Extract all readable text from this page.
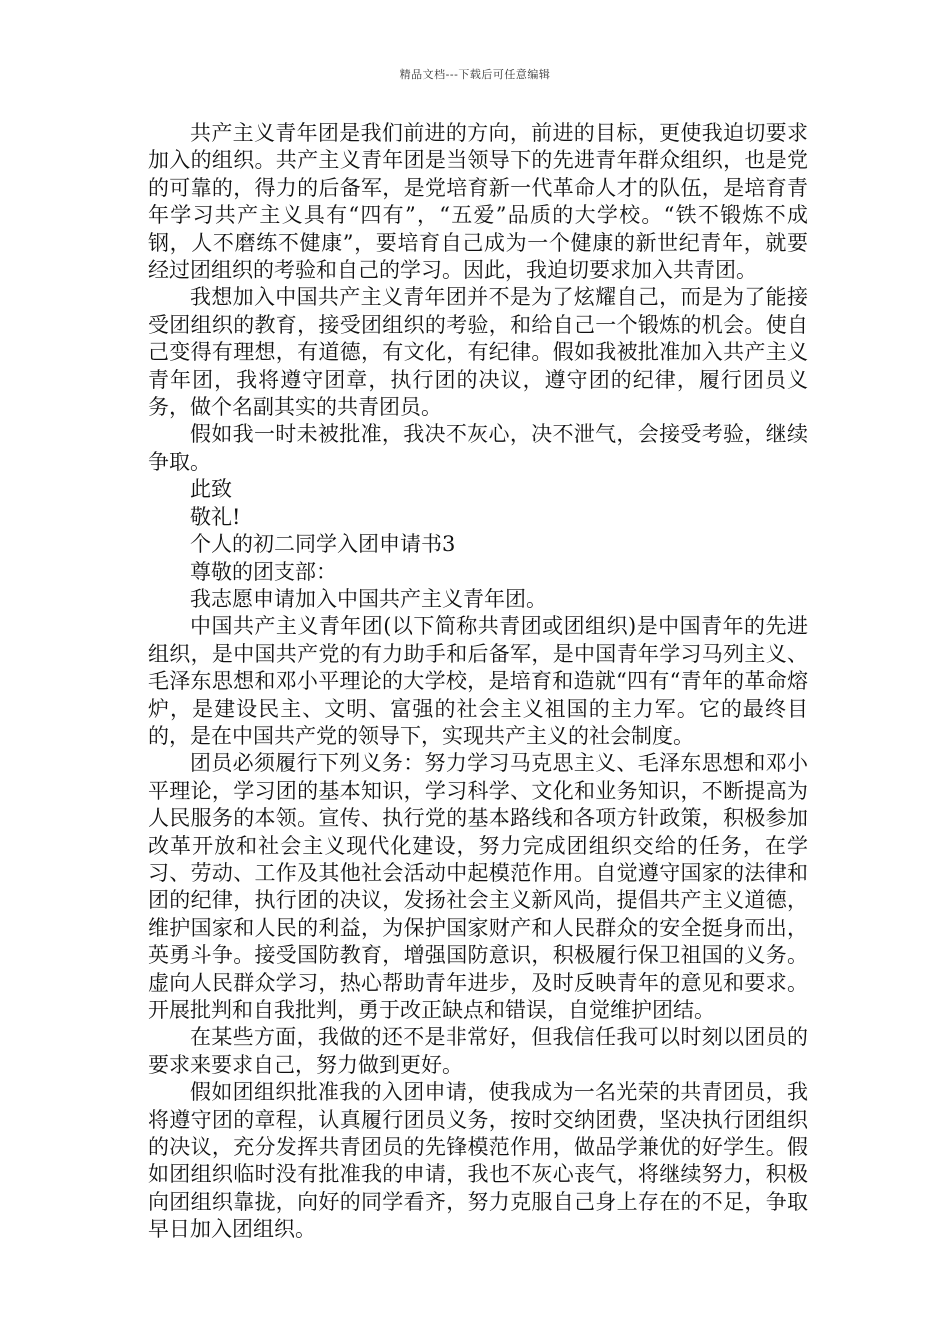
精品文档---下载后可任意编辑

共产主义青年团是我们前进的方向，前进的目标，更使我迫切要求加入的组织。共产主义青年团是当领导下的先进青年群众组织，也是党的可靠的，得力的后备军，是党培育新一代革命人才的队伍，是培育青年学习共产主义具有“四有”，“五爱”品质的大学校。“铁不锻炼不成钢，人不磨练不健康”，要培育自己成为一个健康的新世纪青年，就要经过团组织的考验和自己的学习。因此，我迫切要求加入共青团。

我想加入中国共产主义青年团并不是为了炫耀自己，而是为了能接受团组织的教育，接受团组织的考验，和给自己一个锻炼的机会。使自己变得有理想，有道德，有文化，有纪律。假如我被批准加入共产主义青年团，我将遵守团章，执行团的决议，遵守团的纪律，履行团员义务，做个名副其实的共青团员。

假如我一时未被批准，我决不灰心，决不泄气，会接受考验，继续争取。

此致

敬礼!

个人的初二同学入团申请书3

尊敬的团支部：

我志愿申请加入中国共产主义青年团。

中国共产主义青年团(以下简称共青团或团组织)是中国青年的先进组织，是中国共产党的有力助手和后备军，是中国青年学习马列主义、毛泽东思想和邓小平理论的大学校，是培育和造就“四有“青年的革命熔炉，是建设民主、文明、富强的社会主义祖国的主力军。它的最终目的，是在中国共产党的领导下，实现共产主义的社会制度。

团员必须履行下列义务：努力学习马克思主义、毛泽东思想和邓小平理论，学习团的基本知识，学习科学、文化和业务知识，不断提高为人民服务的本领。宣传、执行党的基本路线和各项方针政策，积极参加改革开放和社会主义现代化建设，努力完成团组织交给的任务，在学习、劳动、工作及其他社会活动中起模范作用。自觉遵守国家的法律和团的纪律，执行团的决议，发扬社会主义新风尚，提倡共产主义道德，维护国家和人民的利益，为保护国家财产和人民群众的安全挺身而出，英勇斗争。接受国防教育，增强国防意识，积极履行保卫祖国的义务。虚向人民群众学习，热心帮助青年进步，及时反映青年的意见和要求。开展批判和自我批判，勇于改正缺点和错误，自觉维护团结。

在某些方面，我做的还不是非常好，但我信任我可以时刻以团员的要求来要求自己，努力做到更好。

假如团组织批准我的入团申请，使我成为一名光荣的共青团员，我将遵守团的章程，认真履行团员义务，按时交纳团费，坚决执行团组织的决议，充分发挥共青团员的先锋模范作用，做品学兼优的好学生。假如团组织临时没有批准我的申请，我也不灰心丧气，将继续努力，积极向团组织靠拢，向好的同学看齐，努力克服自己身上存在的不足，争取早日加入团组织。
